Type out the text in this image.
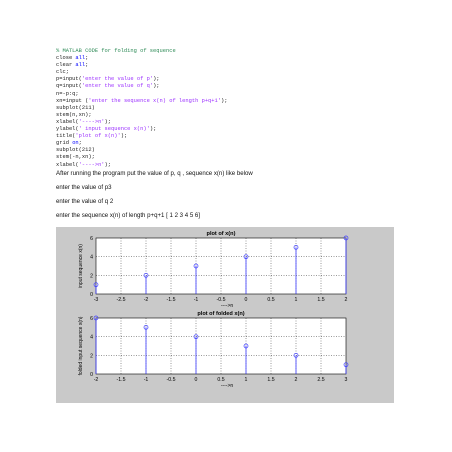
% MATLAB CODE for folding of sequence
close all;
clear all;
clc;
p=input('enter the value of p');
q=input('enter the value of q');
n=-p:q;
xn=input ('enter the sequence x(n) of length p+q+1');
subplot(211)
stem(n,xn);
xlabel('---->n');
ylabel(' input sequence x(n)');
title('plot of x(n)');
grid on;
subplot(212)
stem(-n,xn);
xlabel('---->n');
After running the program put the value of p, q , sequence x(n) like below
enter the value of p3
enter the value of q 2
enter the sequence x(n) of length p+q+1 [ 1 2 3 4 5 6]
-3	-2.5	-2	-1.5	-1	-0.5	0	0.5	1	1.5	2
0
2
4
6
plot of x(n)
---->n
input sequence x(n)
-2	-1.5	-1	-0.5	0	0.5	1	1.5	2	2.5	3
0
2
4
6
plot of folded x(n)
---->n
folded input sequence x(n)
